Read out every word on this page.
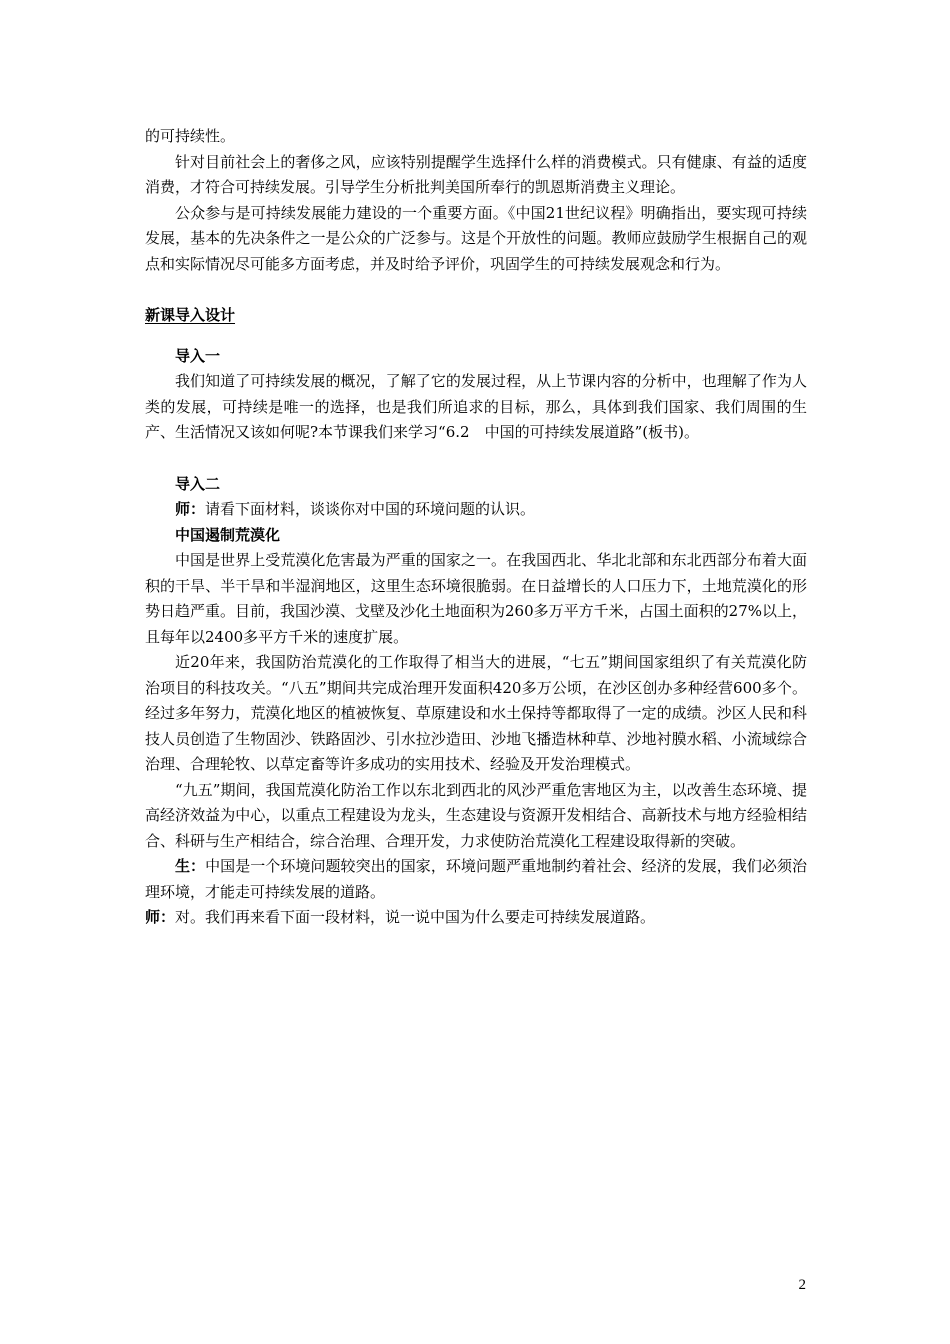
的可持续性。

针对目前社会上的奢侈之风，应该特别提醒学生选择什么样的消费模式。只有健康、有益的适度消费，才符合可持续发展。引导学生分析批判美国所奉行的凯恩斯消费主义理论。

公众参与是可持续发展能力建设的一个重要方面。《中国21世纪议程》明确指出，要实现可持续发展，基本的先决条件之一是公众的广泛参与。这是个开放性的问题。教师应鼓励学生根据自己的观点和实际情况尽可能多方面考虑，并及时给予评价，巩固学生的可持续发展观念和行为。

新课导入设计

导入一

我们知道了可持续发展的概况，了解了它的发展过程，从上节课内容的分析中，也理解了作为人类的发展，可持续是唯一的选择，也是我们所追求的目标，那么，具体到我们国家、我们周围的生产、生活情况又该如何呢?本节课我们来学习“6.2　中国的可持续发展道路”(板书)。

导入二

师：请看下面材料，谈谈你对中国的环境问题的认识。

中国遏制荒漠化

中国是世界上受荒漠化危害最为严重的国家之一。在我国西北、华北北部和东北西部分布着大面积的干旱、半干旱和半湿润地区，这里生态环境很脆弱。在日益增长的人口压力下，土地荒漠化的形势日趋严重。目前，我国沙漠、戈壁及沙化土地面积为260多万平方千米，占国土面积的27%以上，且每年以2400多平方千米的速度扩展。

近20年来，我国防治荒漠化的工作取得了相当大的进展，“七五”期间国家组织了有关荒漠化防治项目的科技攻关。“八五”期间共完成治理开发面积420多万公顷，在沙区创办多种经营600多个。经过多年努力，荒漠化地区的植被恢复、草原建设和水土保持等都取得了一定的成绩。沙区人民和科技人员创造了生物固沙、铁路固沙、引水拉沙造田、沙地飞播造林种草、沙地衬膜水稻、小流域综合治理、合理轮牧、以草定畜等许多成功的实用技术、经验及开发治理模式。

“九五”期间，我国荒漠化防治工作以东北到西北的风沙严重危害地区为主，以改善生态环境、提高经济效益为中心，以重点工程建设为龙头，生态建设与资源开发相结合、高新技术与地方经验相结合、科研与生产相结合，综合治理、合理开发，力求使防治荒漠化工程建设取得新的突破。

生：中国是一个环境问题较突出的国家，环境问题严重地制约着社会、经济的发展，我们必须治理环境，才能走可持续发展的道路。

师：对。我们再来看下面一段材料，说一说中国为什么要走可持续发展道路。

2
